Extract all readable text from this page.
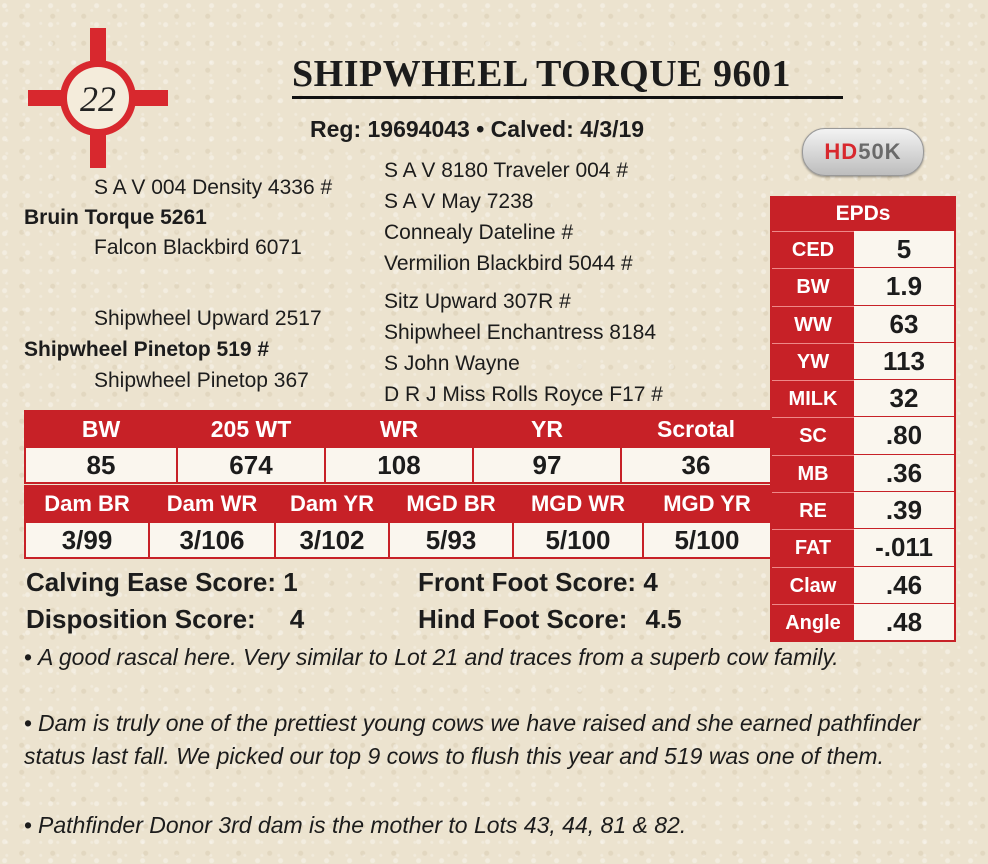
22
SHIPWHEEL TORQUE 9601
Reg: 19694043 • Calved: 4/3/19
HD50K
S A V 004 Density 4336 #
Bruin Torque 5261
Falcon Blackbird 6071
Shipwheel Upward 2517
Shipwheel Pinetop 519 #
Shipwheel Pinetop 367
S A V 8180 Traveler 004 #
S A V May 7238
Connealy Dateline #
Vermilion Blackbird 5044 #
Sitz Upward 307R #
Shipwheel Enchantress 8184
S John Wayne
D R J Miss Rolls Royce F17 #
EPDs
CED	5
BW	1.9
WW	63
YW	113
MILK	32
SC	.80
MB	.36
RE	.39
FAT	-.011
Claw	.46
Angle	.48
BW	205 WT	WR	YR	Scrotal
85	674	108	97	36
Dam BR	Dam WR	Dam YR	MGD BR	MGD WR	MGD YR
3/99	3/106	3/102	5/93	5/100	5/100
Calving Ease Score: 1
Disposition Score: 4
Front Foot Score: 4
Hind Foot Score: 4.5
• A good rascal here. Very similar to Lot 21 and traces from a superb cow family.
• Dam is truly one of the prettiest young cows we have raised and she earned pathfinder status last fall. We picked our top 9 cows to flush this year and 519 was one of them.
• Pathfinder Donor 3rd dam is the mother to Lots 43, 44, 81 & 82.
